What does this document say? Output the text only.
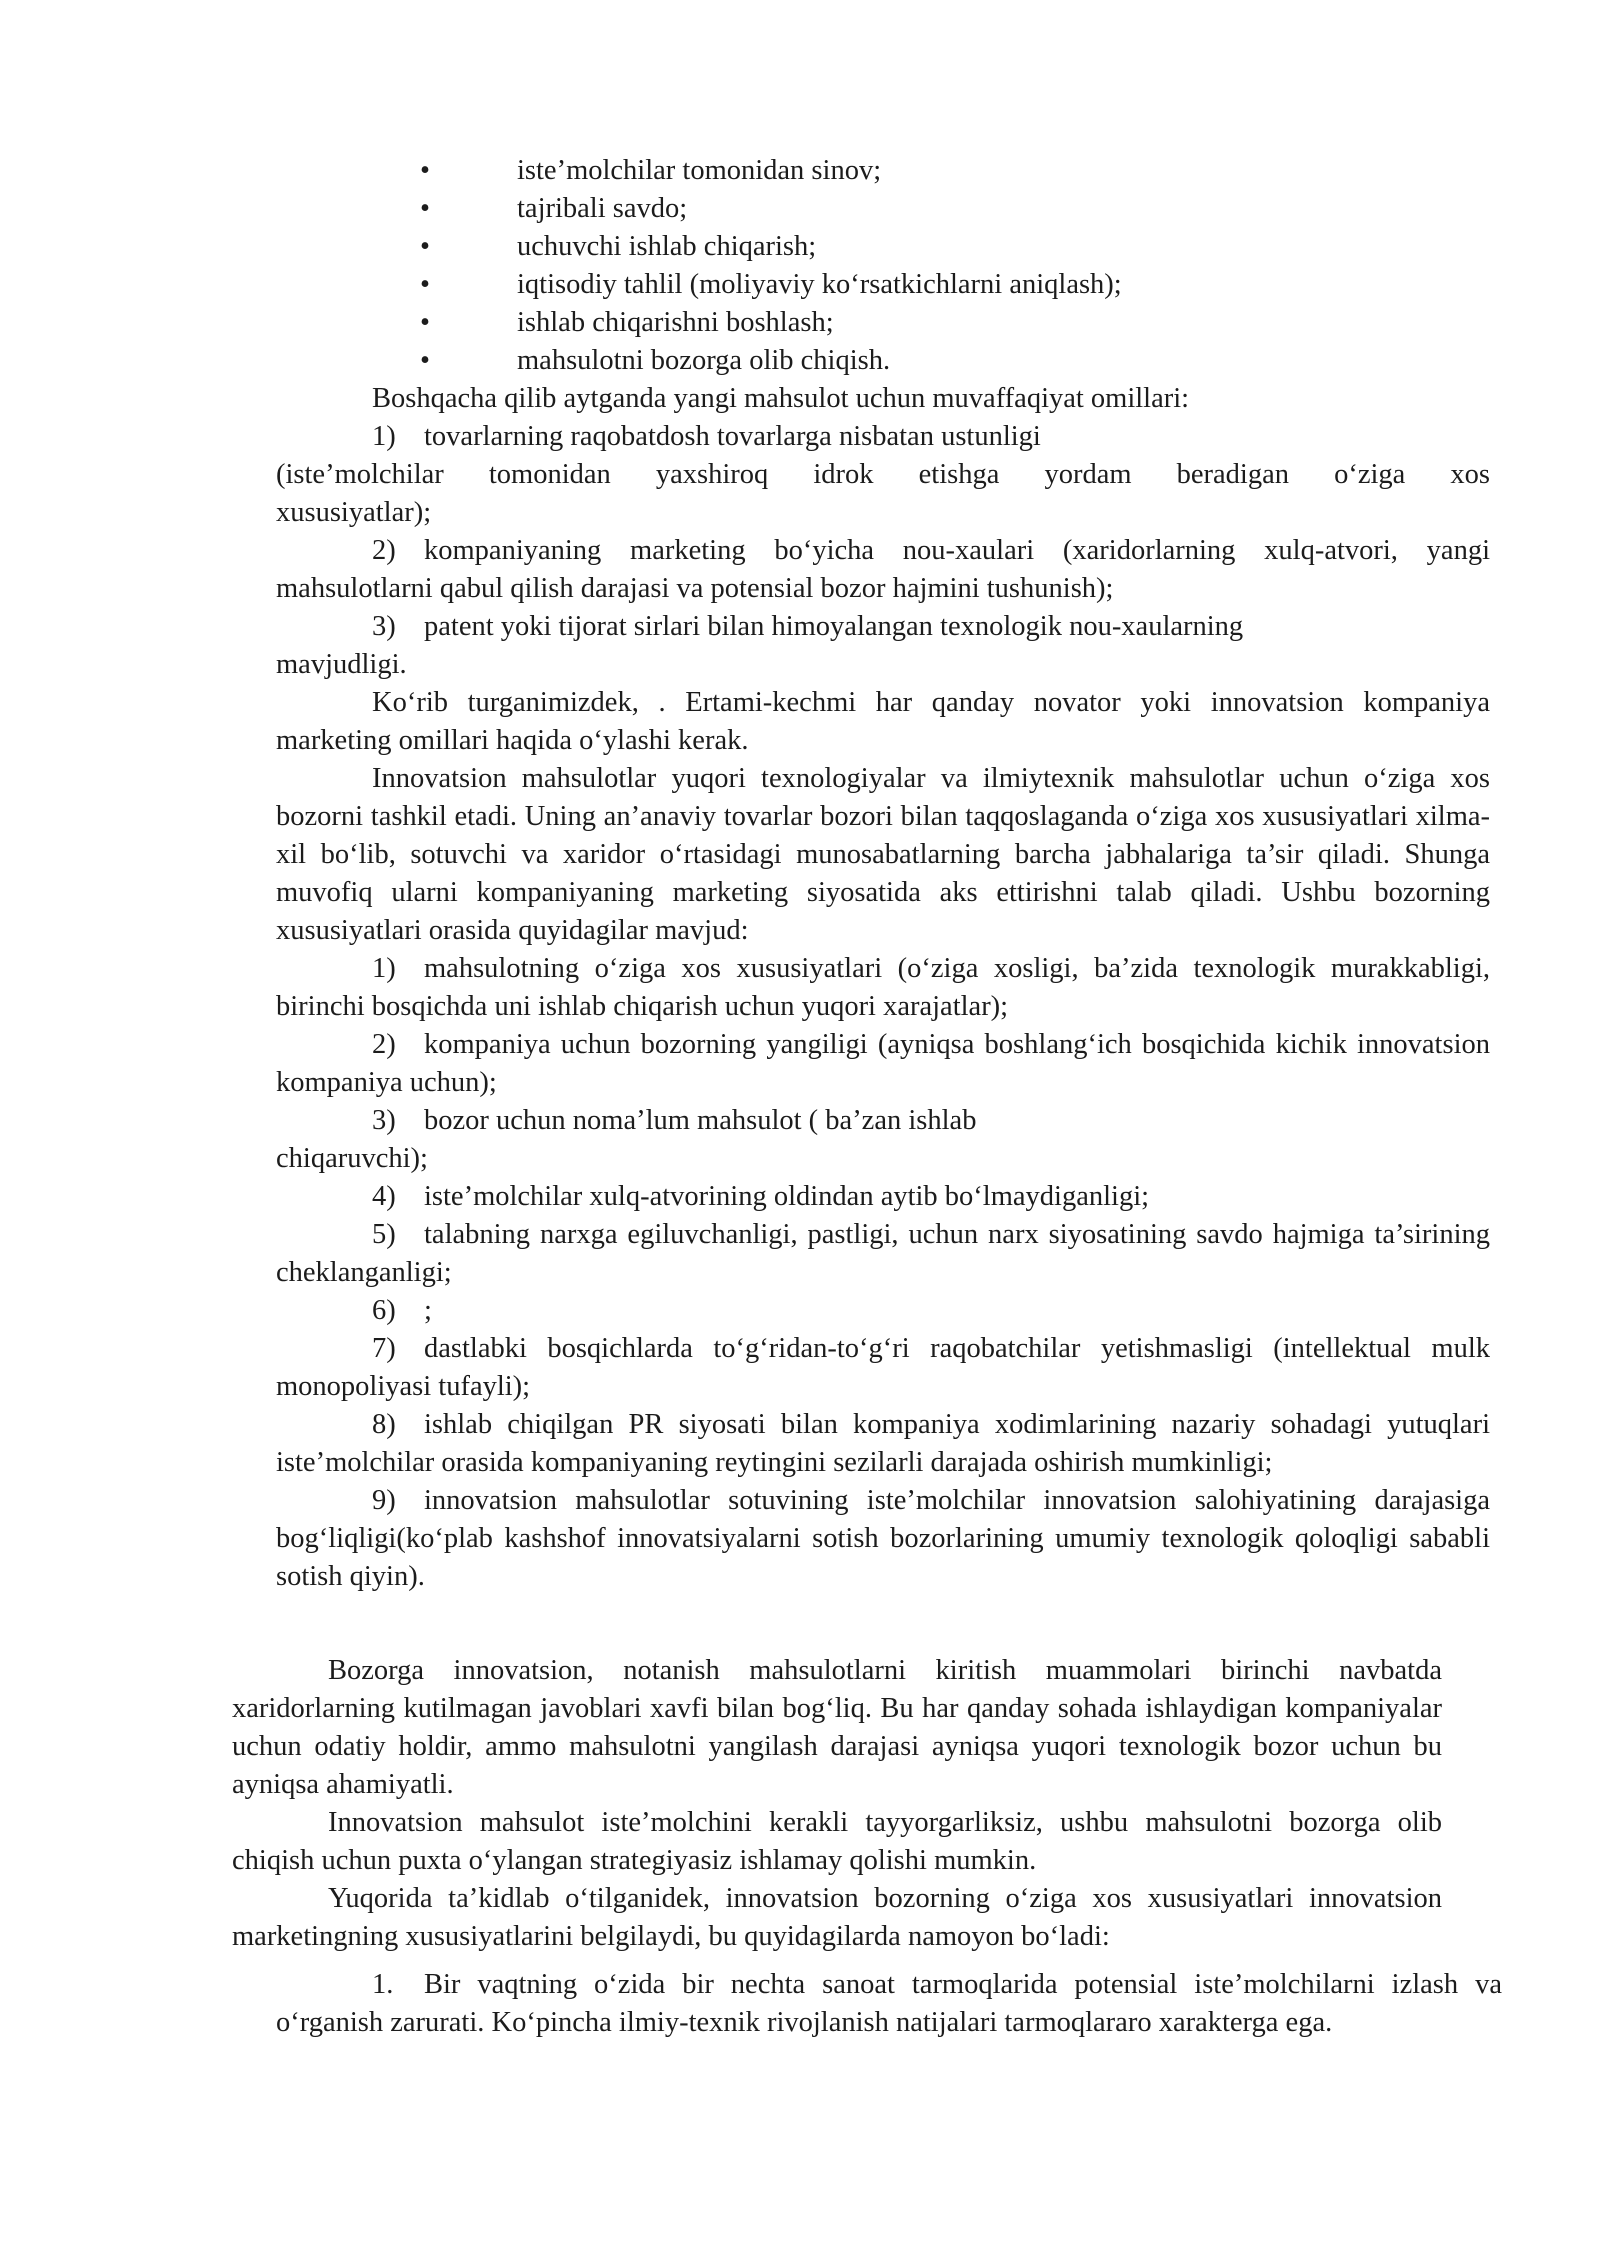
•	iste’molchilar tomonidan sinov;
•	tajribali savdo;
•	uchuvchi ishlab chiqarish;
•	iqtisodiy tahlil (moliyaviy ko‘rsatkichlarni aniqlash);
•	ishlab chiqarishni boshlash;
•	mahsulotni bozorga olib chiqish.

Boshqacha qilib aytganda yangi mahsulot uchun muvaffaqiyat omillari:

1) tovarlarning raqobatdosh tovarlarga nisbatan ustunligi

(iste’molchilar tomonidan yaxshiroq idrok etishga yordam beradigan o‘ziga xos

xususiyatlar);

2) kompaniyaning marketing bo‘yicha nou-xaulari (xaridorlarning xulq-atvori, yangi mahsulotlarni qabul qilish darajasi va potensial bozor hajmini tushunish);

3) patent yoki tijorat sirlari bilan himoyalangan texnologik nou-xaularning

mavjudligi.

Ko‘rib turganimizdek, . Ertami-kechmi har qanday novator yoki innovatsion kompaniya marketing omillari haqida o‘ylashi kerak.

Innovatsion mahsulotlar yuqori texnologiyalar va ilmiytexnik mahsulotlar uchun o‘ziga xos bozorni tashkil etadi. Uning an’anaviy tovarlar bozori bilan taqqoslaganda o‘ziga xos xususiyatlari xilma-xil bo‘lib, sotuvchi va xaridor o‘rtasidagi munosabatlarning barcha jabhalariga ta’sir qiladi. Shunga muvofiq ularni kompaniyaning marketing siyosatida aks ettirishni talab qiladi. Ushbu bozorning xususiyatlari orasida quyidagilar mavjud:

1) mahsulotning o‘ziga xos xususiyatlari (o‘ziga xosligi, ba’zida texnologik murakkabligi, birinchi bosqichda uni ishlab chiqarish uchun yuqori xarajatlar);

2) kompaniya uchun bozorning yangiligi (ayniqsa boshlang‘ich bosqichida kichik innovatsion kompaniya uchun);

3) bozor uchun noma’lum mahsulot ( ba’zan ishlab

chiqaruvchi);

4) iste’molchilar xulq-atvorining oldindan aytib bo‘lmaydiganligi;

5) talabning narxga egiluvchanligi, pastligi, uchun narx siyosatining savdo hajmiga ta’sirining cheklanganligi;

6) ;

7) dastlabki bosqichlarda to‘g‘ridan-to‘g‘ri raqobatchilar yetishmasligi (intellektual mulk monopoliyasi tufayli);

8) ishlab chiqilgan PR siyosati bilan kompaniya xodimlarining nazariy sohadagi yutuqlari iste’molchilar orasida kompaniyaning reytingini sezilarli darajada oshirish mumkinligi;

9) innovatsion mahsulotlar sotuvining iste’molchilar innovatsion salohiyatining darajasiga bog‘liqligi(ko‘plab kashshof innovatsiyalarni sotish bozorlarining umumiy texnologik qoloqligi sababli sotish qiyin).

Bozorga innovatsion, notanish mahsulotlarni kiritish muammolari birinchi navbatda xaridorlarning kutilmagan javoblari xavfi bilan bog‘liq. Bu har qanday sohada ishlaydigan kompaniyalar uchun odatiy holdir, ammo mahsulotni yangilash darajasi ayniqsa yuqori texnologik bozor uchun bu ayniqsa ahamiyatli.

Innovatsion mahsulot iste’molchini kerakli tayyorgarliksiz, ushbu mahsulotni bozorga olib chiqish uchun puxta o‘ylangan strategiyasiz ishlamay qolishi mumkin.

Yuqorida ta’kidlab o‘tilganidek, innovatsion bozorning o‘ziga xos xususiyatlari innovatsion marketingning xususiyatlarini belgilaydi, bu quyidagilarda namoyon bo‘ladi:

1. Bir vaqtning o‘zida bir nechta sanoat tarmoqlarida potensial iste’molchilarni izlash va o‘rganish zarurati. Ko‘pincha ilmiy-texnik rivojlanish natijalari tarmoqlararo xarakterga ega.
